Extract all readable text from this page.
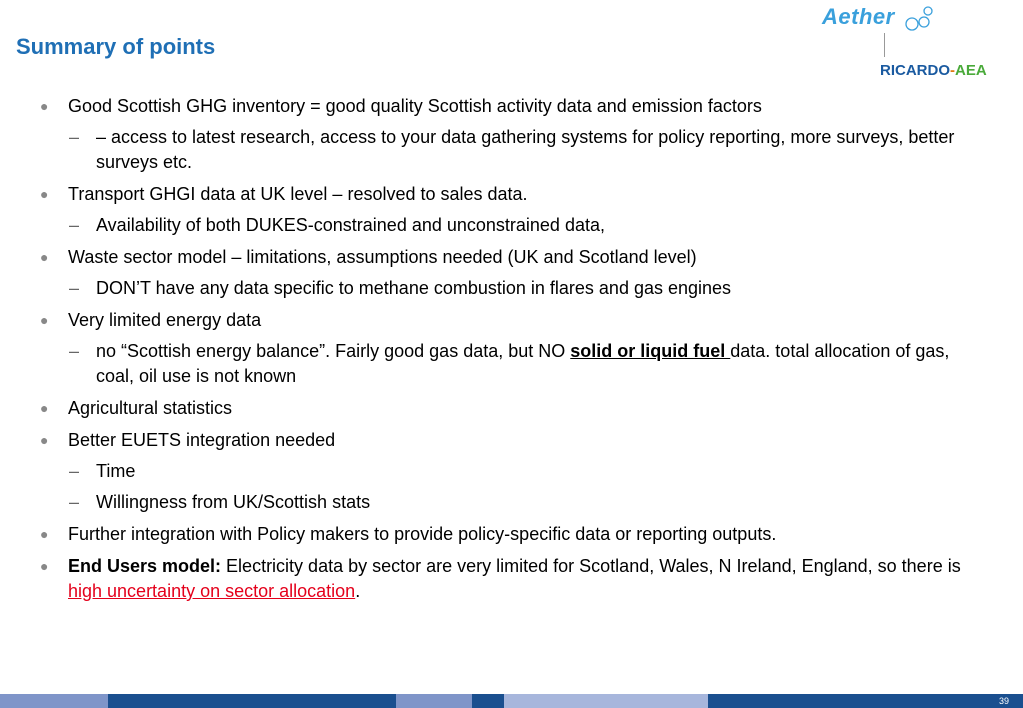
Summary of points
Aether
RICARDO-AEA
● Good Scottish GHG inventory = good quality Scottish activity data and emission factors
– – access to latest research, access to your data gathering systems for policy reporting, more surveys, better surveys etc.
● Transport GHGI data at UK level – resolved to sales data.
– Availability of both DUKES-constrained and unconstrained data,
● Waste sector model – limitations, assumptions needed (UK and Scotland level)
– DON’T have any data specific to methane combustion in flares and gas engines
● Very limited energy data
– no “Scottish energy balance”. Fairly good gas data, but NO solid or liquid fuel data. total allocation of gas, coal, oil use is not known
● Agricultural statistics
● Better EUETS integration needed
– Time
– Willingness from UK/Scottish stats
● Further integration with Policy makers to provide policy-specific data or reporting outputs.
● End Users model: Electricity data by sector are very limited for Scotland, Wales, N Ireland, England, so there is high uncertainty on sector allocation.
39
